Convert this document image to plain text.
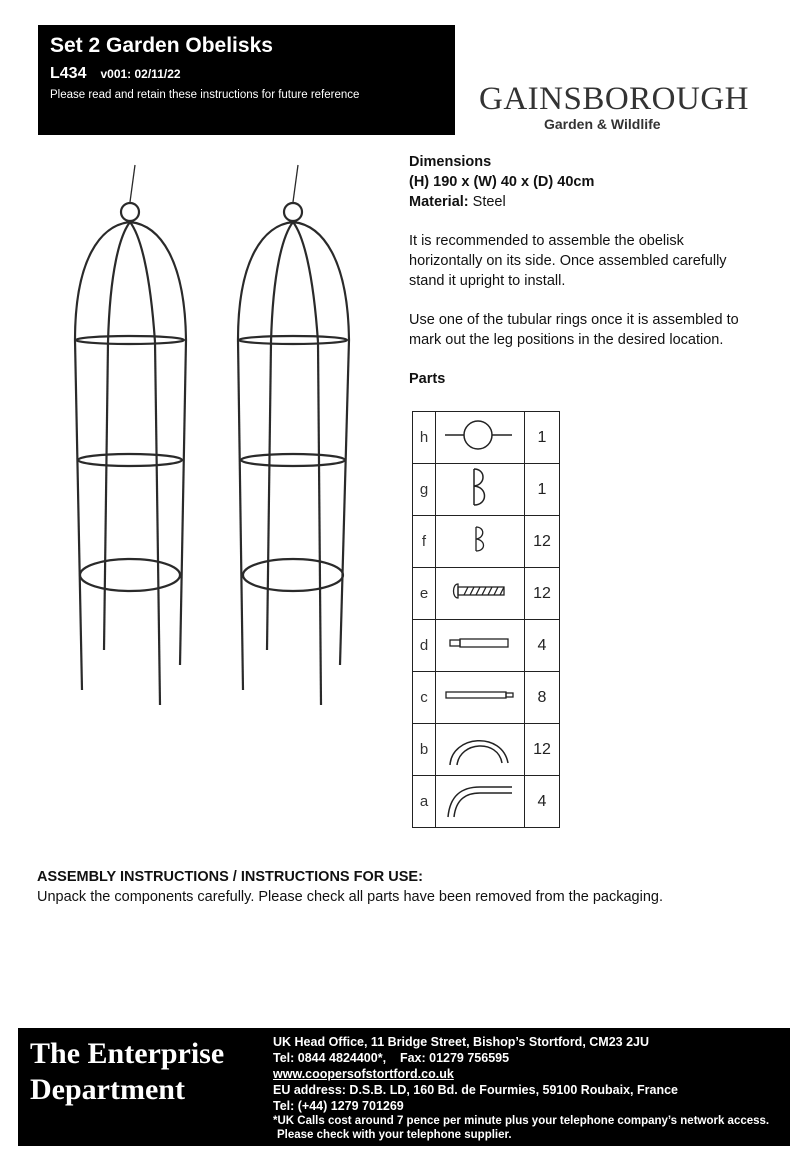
Set 2 Garden Obelisks
L434 v001: 02/11/22
Please read and retain these instructions for future reference	GAINSBOROUGH
Garden & Wildlife

Dimensions
(H) 190 x (W) 40 x (D) 40cm
Material: Steel

It is recommended to assemble the obelisk horizontally on its side. Once assembled carefully stand it upright to install.

Use one of the tubular rings once it is assembled to mark out the leg positions in the desired location.

Parts

h		1
g		1
f		12
e		12
d		4
c		8
b		12
a		4
ASSEMBLY INSTRUCTIONS / INSTRUCTIONS FOR USE:
Unpack the components carefully. Please check all parts have been removed from the packaging.
The Enterprise Department
UK Head Office, 11 Bridge Street, Bishop’s Stortford, CM23 2JU
Tel: 0844 4824400*,    Fax: 01279 756595
www.coopersofstortford.co.uk
EU address: D.S.B. LD, 160 Bd. de Fourmies, 59100 Roubaix, France
Tel: (+44) 1279 701269
*UK Calls cost around 7 pence per minute plus your telephone company’s network access.
Please check with your telephone supplier.
